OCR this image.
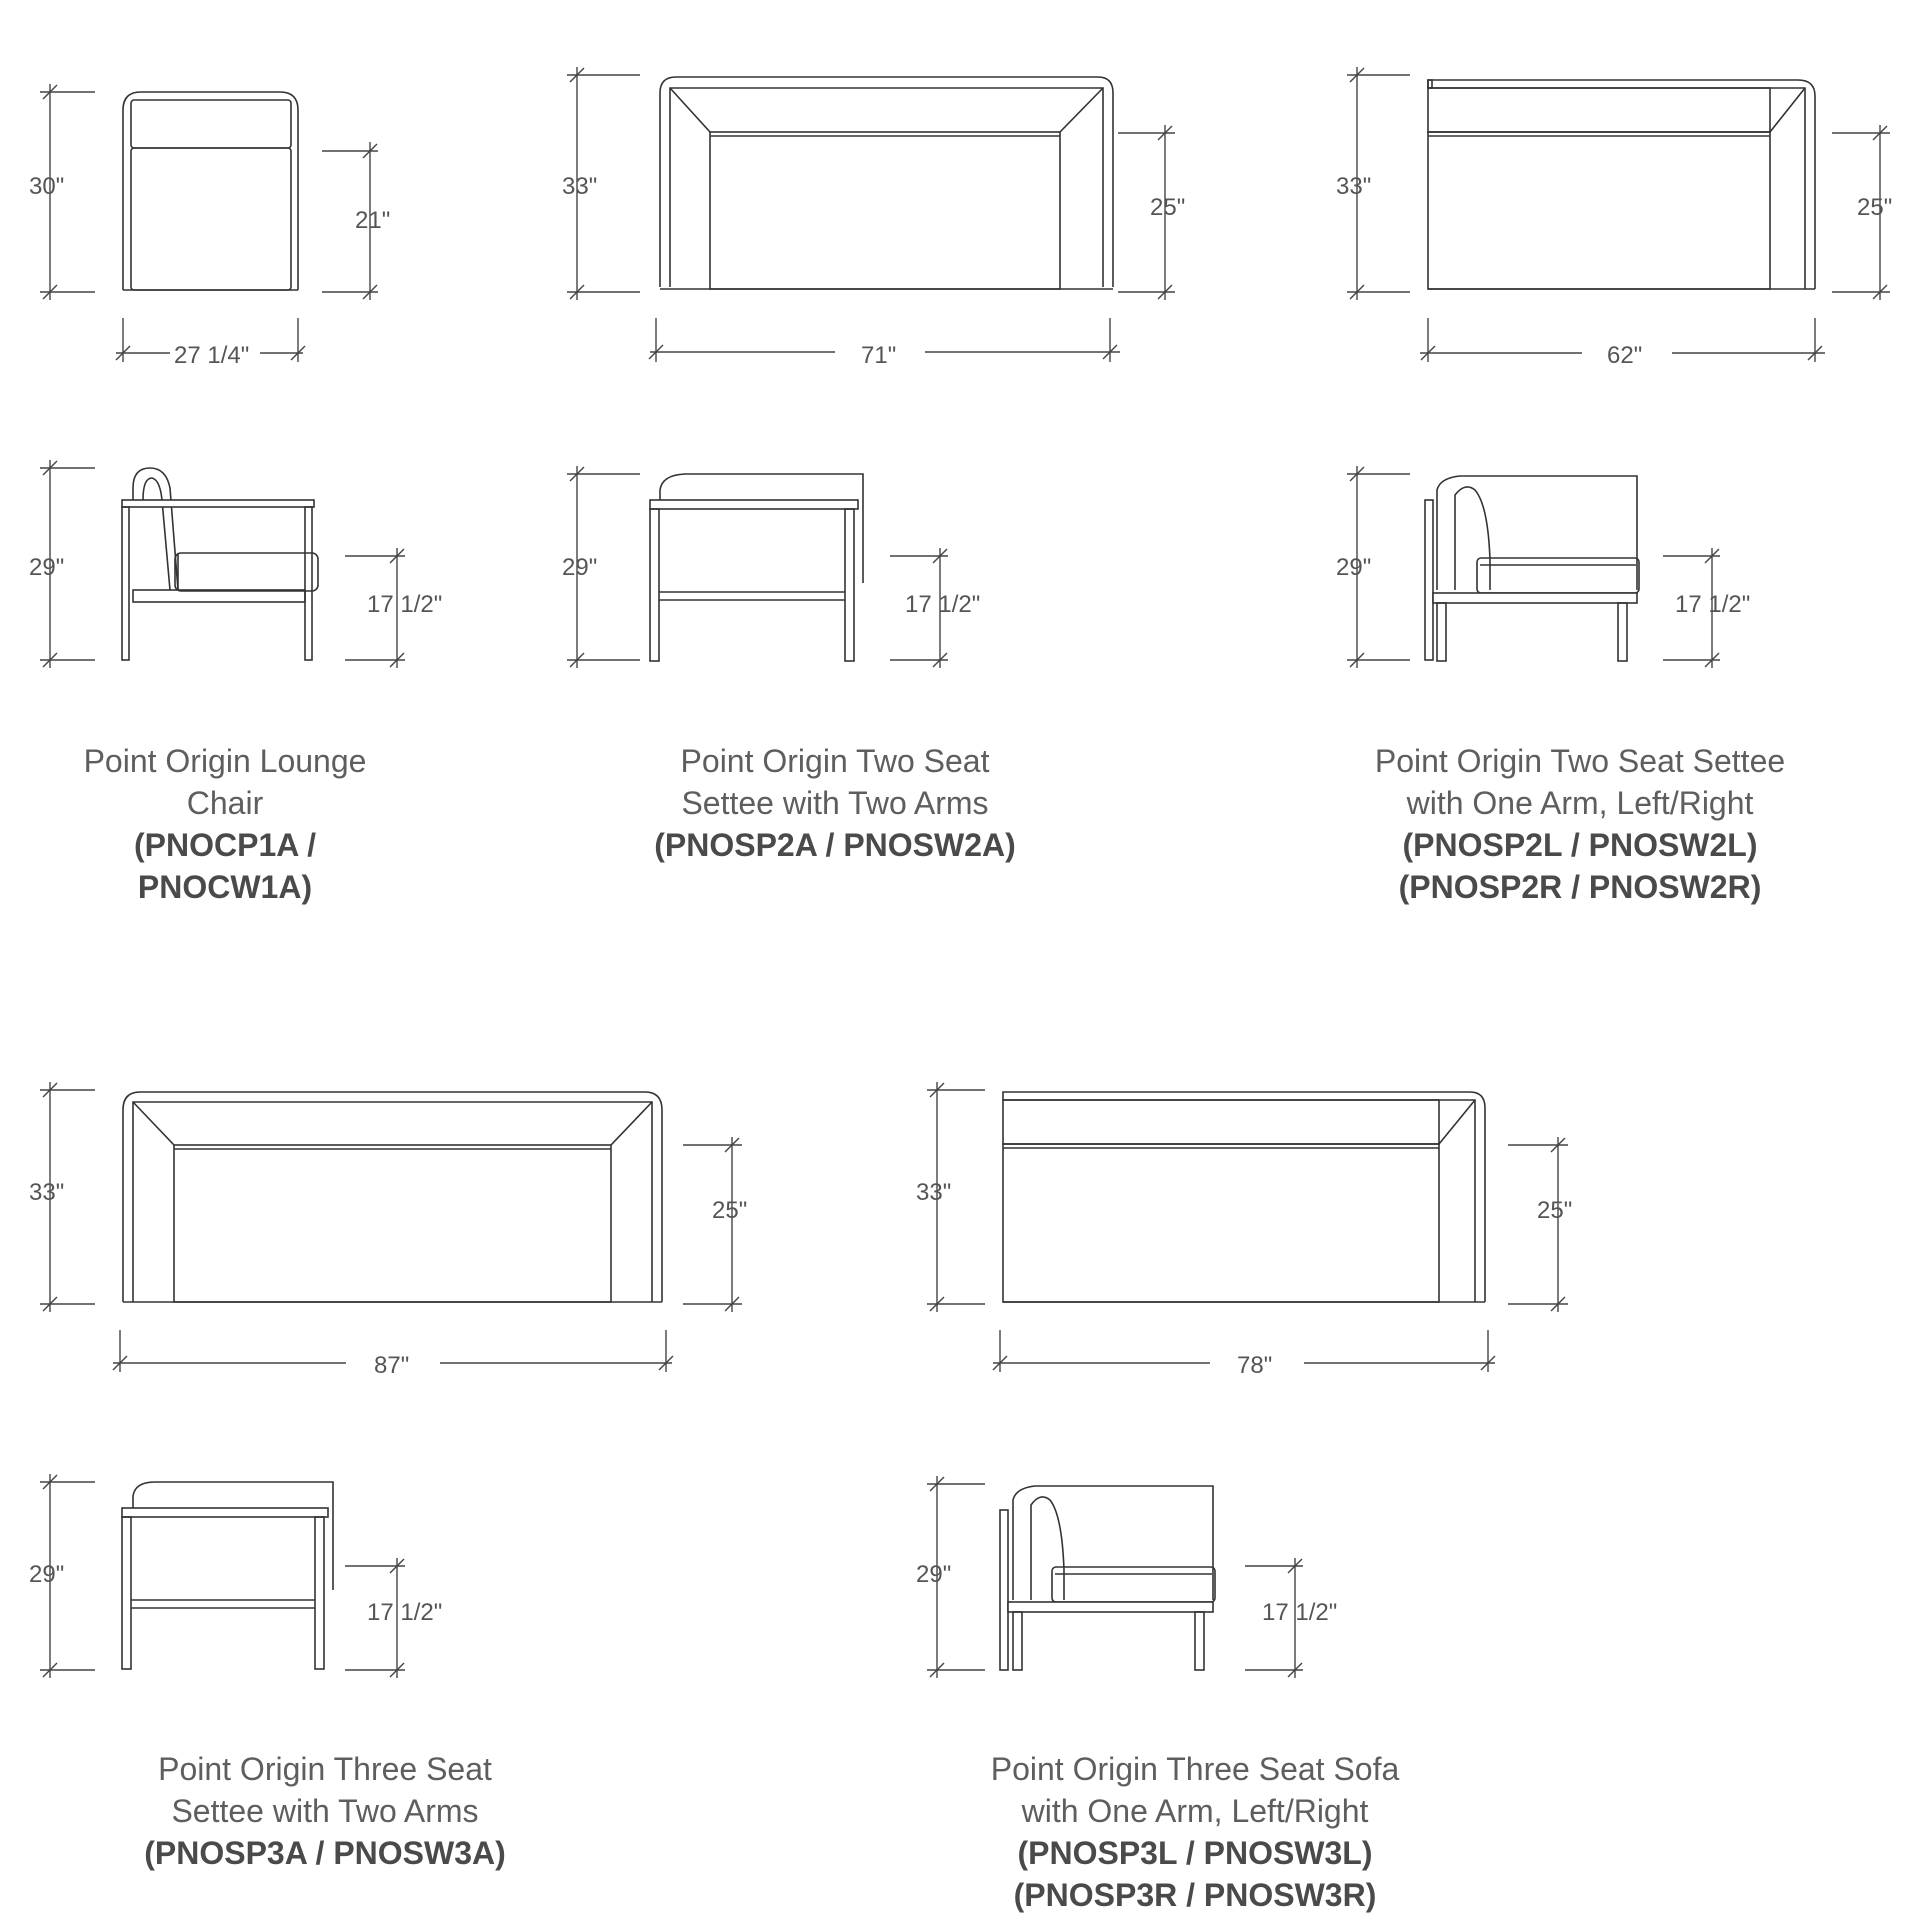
30"
21"
27 1/4"
29"
17 1/2"
33"
25"
71"
29"
17 1/2"
33"
25"
62"
29"
17 1/2"
33"
25"
87"
29"
17 1/2"
33"
25"
78"
29"
17 1/2"
Point Origin Lounge
Chair
(PNOCP1A /
PNOCW1A)
Point Origin Two Seat
Settee with Two Arms
(PNOSP2A / PNOSW2A)
Point Origin Two Seat Settee
with One Arm, Left/Right
(PNOSP2L / PNOSW2L)
(PNOSP2R / PNOSW2R)
Point Origin Three Seat
Settee with Two Arms
(PNOSP3A / PNOSW3A)
Point Origin Three Seat Sofa
with One Arm, Left/Right
(PNOSP3L / PNOSW3L)
(PNOSP3R / PNOSW3R)
